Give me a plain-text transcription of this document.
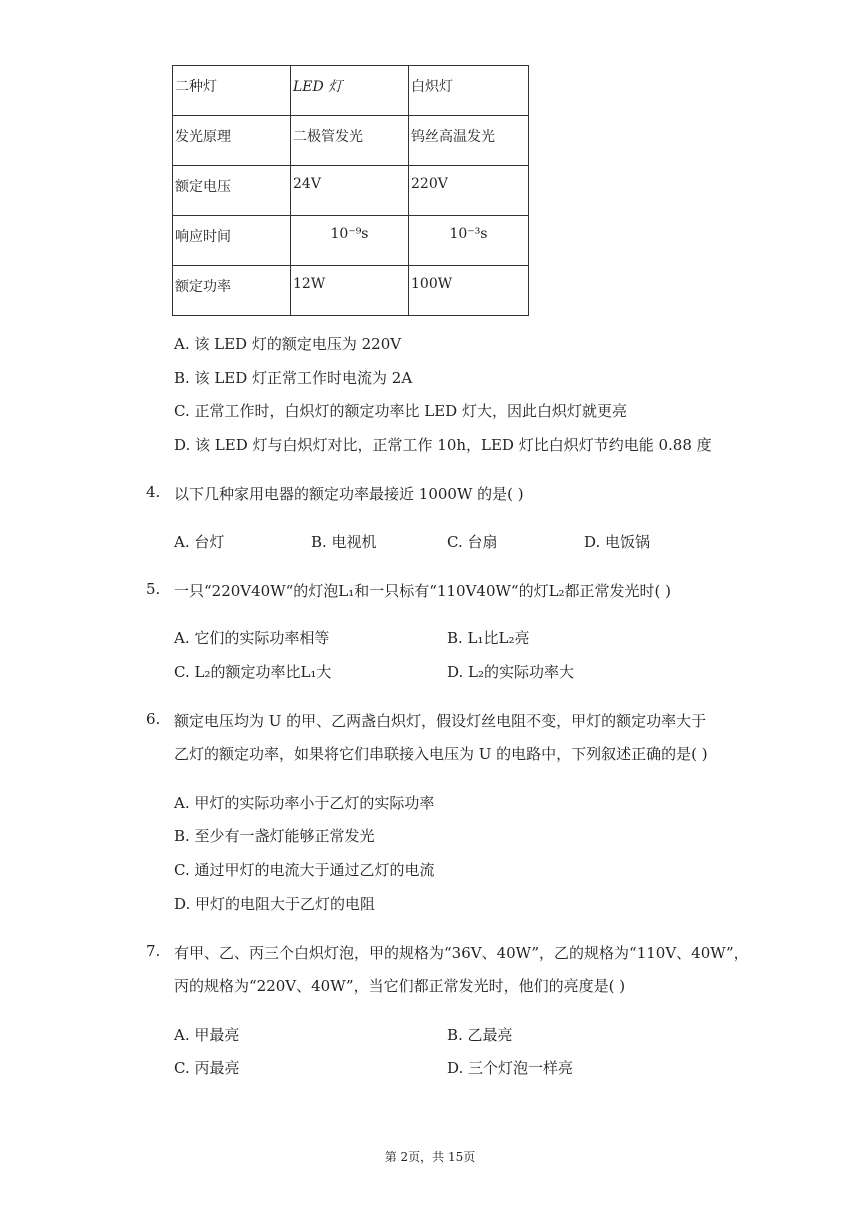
二种灯	LED 灯	白炽灯
发光原理	二极管发光	钨丝高温发光
额定电压	24V	220V
响应时间	10⁻⁹s	10⁻³s
额定功率	12W	100W
A. 该 LED 灯的额定电压为 220V
B. 该 LED 灯正常工作时电流为 2A
C. 正常工作时，白炽灯的额定功率比 LED 灯大，因此白炽灯就更亮
D. 该 LED 灯与白炽灯对比，正常工作 10h，LED 灯比白炽灯节约电能 0.88 度
4. 以下几种家用电器的额定功率最接近 1000W 的是( )
A. 台灯	B. 电视机	C. 台扇	D. 电饭锅
5. 一只“220V40W“的灯泡L₁和一只标有“110V40W“的灯L₂都正常发光时( )
A. 它们的实际功率相等	B. L₁比L₂亮
C. L₂的额定功率比L₁大	D. L₂的实际功率大
6. 额定电压均为 U 的甲、乙两盏白炽灯，假设灯丝电阻不变，甲灯的额定功率大于
乙灯的额定功率，如果将它们串联接入电压为 U 的电路中，下列叙述正确的是( )
A. 甲灯的实际功率小于乙灯的实际功率
B. 至少有一盏灯能够正常发光
C. 通过甲灯的电流大于通过乙灯的电流
D. 甲灯的电阻大于乙灯的电阻
7. 有甲、乙、丙三个白炽灯泡，甲的规格为“36V、40W”，乙的规格为“110V、40W”，
丙的规格为“220V、40W”，当它们都正常发光时，他们的亮度是( )
A. 甲最亮	B. 乙最亮
C. 丙最亮	D. 三个灯泡一样亮
第 2页，共 15页
